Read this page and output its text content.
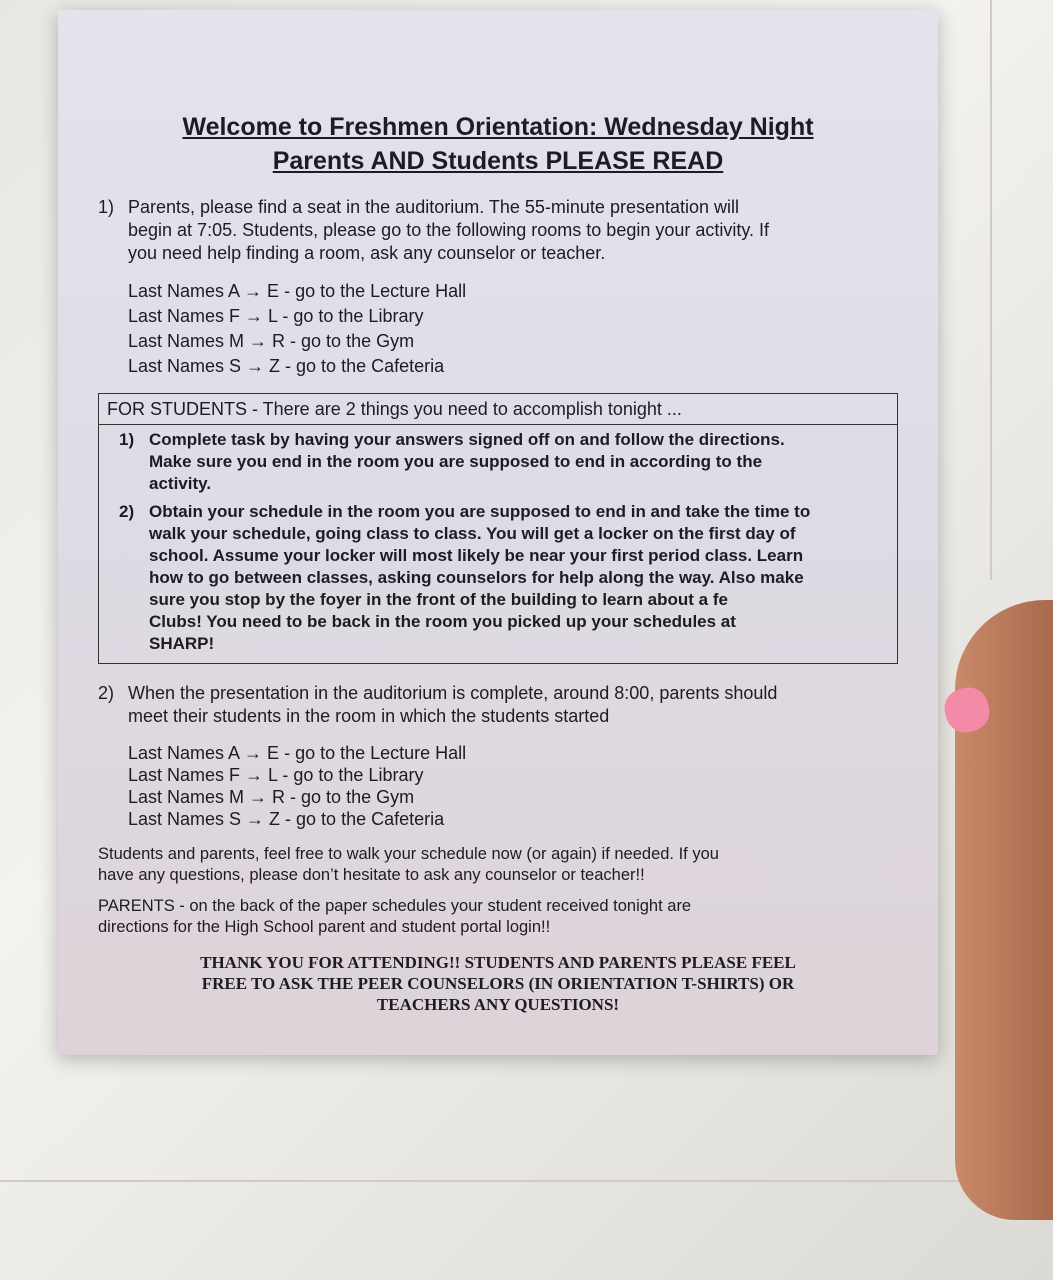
Welcome to Freshmen Orientation: Wednesday Night
Parents AND Students PLEASE READ
1) Parents, please find a seat in the auditorium. The 55-minute presentation will
begin at 7:05. Students, please go to the following rooms to begin your activity. If
you need help finding a room, ask any counselor or teacher.
Last Names A → E - go to the Lecture Hall
Last Names F → L - go to the Library
Last Names M → R - go to the Gym
Last Names S → Z - go to the Cafeteria
FOR STUDENTS - There are 2 things you need to accomplish tonight ...
1) Complete task by having your answers signed off on and follow the directions.
Make sure you end in the room you are supposed to end in according to the
activity.
2) Obtain your schedule in the room you are supposed to end in and take the time to
walk your schedule, going class to class. You will get a locker on the first day of
school. Assume your locker will most likely be near your first period class. Learn
how to go between classes, asking counselors for help along the way. Also make
sure you stop by the foyer in the front of the building to learn about a fe
Clubs! You need to be back in the room you picked up your schedules at
SHARP!
2) When the presentation in the auditorium is complete, around 8:00, parents should
meet their students in the room in which the students started
Last Names A → E - go to the Lecture Hall
Last Names F → L - go to the Library
Last Names M → R - go to the Gym
Last Names S → Z - go to the Cafeteria
Students and parents, feel free to walk your schedule now (or again) if needed. If you
have any questions, please don’t hesitate to ask any counselor or teacher!!
PARENTS - on the back of the paper schedules your student received tonight are
directions for the High School parent and student portal login!!
THANK YOU FOR ATTENDING!! STUDENTS AND PARENTS PLEASE FEEL
FREE TO ASK THE PEER COUNSELORS (IN ORIENTATION T-SHIRTS) OR
TEACHERS ANY QUESTIONS!
